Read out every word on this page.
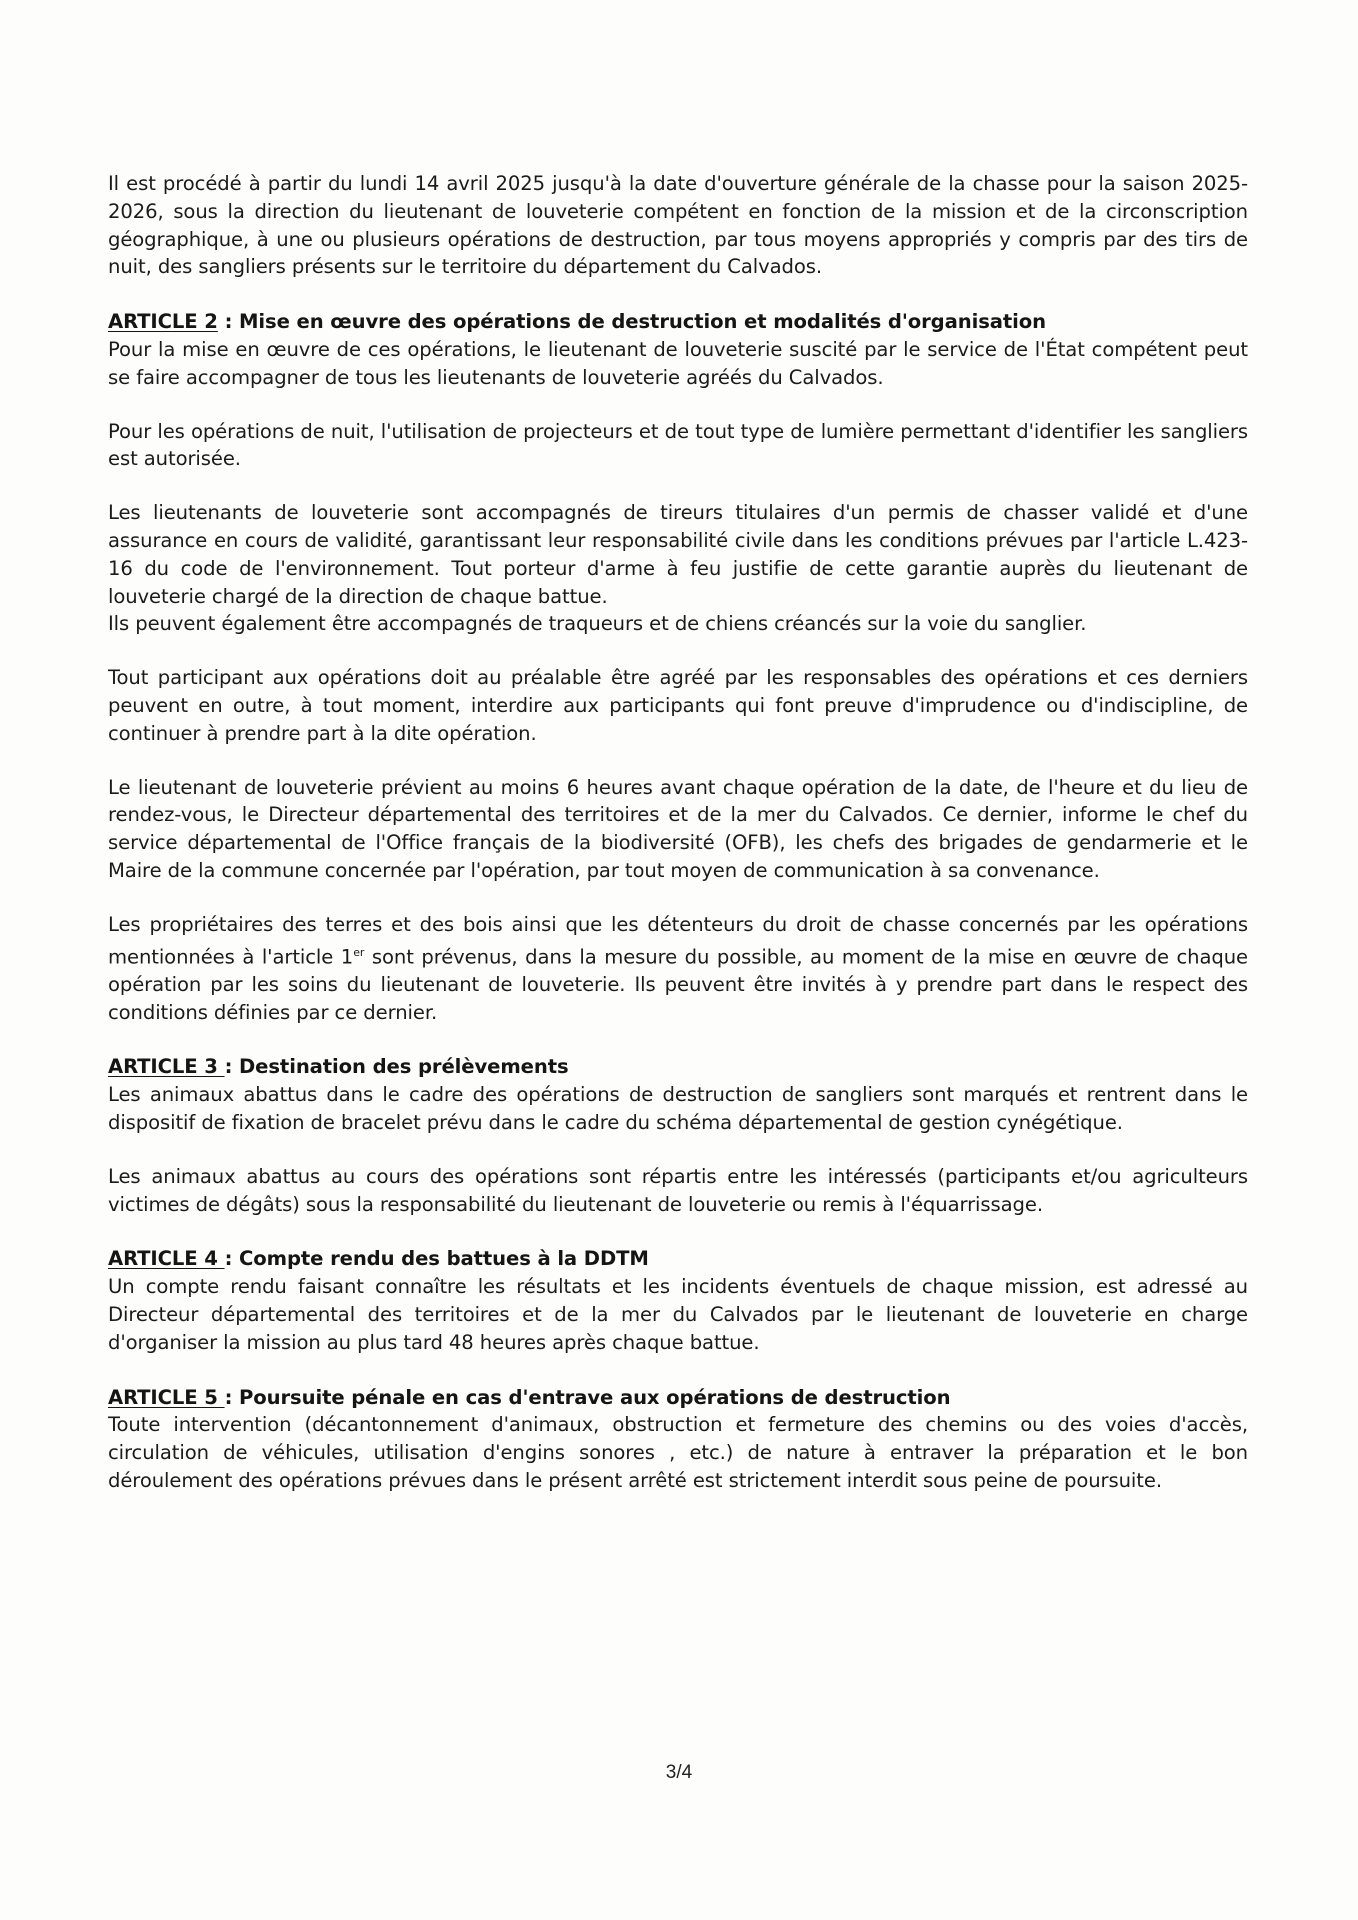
Il est procédé à partir du lundi 14 avril 2025 jusqu'à la date d'ouverture générale de la chasse pour la saison 2025-2026, sous la direction du lieutenant de louveterie compétent en fonction de la mission et de la circonscription géographique, à une ou plusieurs opérations de destruction, par tous moyens appropriés y compris par des tirs de nuit, des sangliers présents sur le territoire du département du Calvados.

ARTICLE 2 : Mise en œuvre des opérations de destruction et modalités d'organisation

Pour la mise en œuvre de ces opérations, le lieutenant de louveterie suscité par le service de l'État compétent peut se faire accompagner de tous les lieutenants de louveterie agréés du Calvados.

Pour les opérations de nuit, l'utilisation de projecteurs et de tout type de lumière permettant d'identifier les sangliers est autorisée.

Les lieutenants de louveterie sont accompagnés de tireurs titulaires d'un permis de chasser validé et d'une assurance en cours de validité, garantissant leur responsabilité civile dans les conditions prévues par l'article L.423-16 du code de l'environnement. Tout porteur d'arme à feu justifie de cette garantie auprès du lieutenant de louveterie chargé de la direction de chaque battue.

Ils peuvent également être accompagnés de traqueurs et de chiens créancés sur la voie du sanglier.

Tout participant aux opérations doit au préalable être agréé par les responsables des opérations et ces derniers peuvent en outre, à tout moment, interdire aux participants qui font preuve d'imprudence ou d'indiscipline, de continuer à prendre part à la dite opération.

Le lieutenant de louveterie prévient au moins 6 heures avant chaque opération de la date, de l'heure et du lieu de rendez-vous, le Directeur départemental des territoires et de la mer du Calvados. Ce dernier, informe le chef du service départemental de l'Office français de la biodiversité (OFB), les chefs des brigades de gendarmerie et le Maire de la commune concernée par l'opération, par tout moyen de communication à sa convenance.

Les propriétaires des terres et des bois ainsi que les détenteurs du droit de chasse concernés par les opérations mentionnées à l'article 1er sont prévenus, dans la mesure du possible, au moment de la mise en œuvre de chaque opération par les soins du lieutenant de louveterie. Ils peuvent être invités à y prendre part dans le respect des conditions définies par ce dernier.

ARTICLE 3 : Destination des prélèvements

Les animaux abattus dans le cadre des opérations de destruction de sangliers sont marqués et rentrent dans le dispositif de fixation de bracelet prévu dans le cadre du schéma départemental de gestion cynégétique.

Les animaux abattus au cours des opérations sont répartis entre les intéressés (participants et/ou agriculteurs victimes de dégâts) sous la responsabilité du lieutenant de louveterie ou remis à l'équarrissage.

ARTICLE 4 : Compte rendu des battues à la DDTM

Un compte rendu faisant connaître les résultats et les incidents éventuels de chaque mission, est adressé au Directeur départemental des territoires et de la mer du Calvados par le lieutenant de louveterie en charge d'organiser la mission au plus tard 48 heures après chaque battue.

ARTICLE 5 : Poursuite pénale en cas d'entrave aux opérations de destruction

Toute intervention (décantonnement d'animaux, obstruction et fermeture des chemins ou des voies d'accès, circulation de véhicules, utilisation d'engins sonores , etc.) de nature à entraver la préparation et le bon déroulement des opérations prévues dans le présent arrêté est strictement interdit sous peine de poursuite.

3/4
